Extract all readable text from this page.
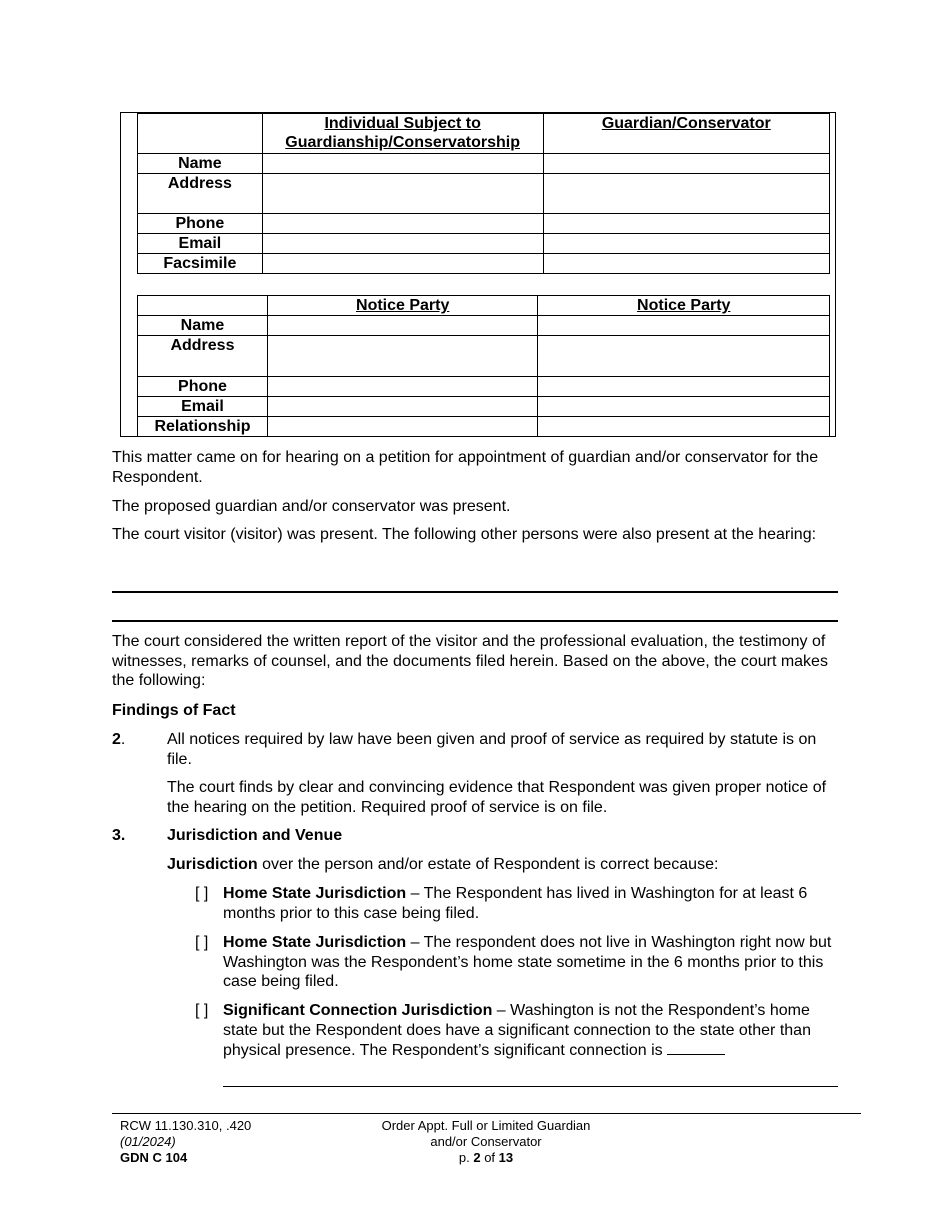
	Individual Subject to Guardianship/Conservatorship	Guardian/Conservator
Name		
Address		
Phone		
Email		
Facsimile		
	Notice Party	Notice Party
Name		
Address		
Phone		
Email		
Relationship		
This matter came on for hearing on a petition for appointment of guardian and/or conservator for the Respondent.
The proposed guardian and/or conservator was present.
The court visitor (visitor) was present. The following other persons were also present at the hearing:
The court considered the written report of the visitor and the professional evaluation, the testimony of witnesses, remarks of counsel, and the documents filed herein. Based on the above, the court makes the following:
Findings of Fact
2.	All notices required by law have been given and proof of service as required by statute is on file.
The court finds by clear and convincing evidence that Respondent was given proper notice of the hearing on the petition. Required proof of service is on file.
3.	Jurisdiction and Venue
Jurisdiction over the person and/or estate of Respondent is correct because:
[ ] Home State Jurisdiction – The Respondent has lived in Washington for at least 6 months prior to this case being filed.
[ ] Home State Jurisdiction – The respondent does not live in Washington right now but Washington was the Respondent’s home state sometime in the 6 months prior to this case being filed.
[ ] Significant Connection Jurisdiction – Washington is not the Respondent’s home state but the Respondent does have a significant connection to the state other than physical presence. The Respondent’s significant connection is
RCW 11.130.310, .420
(01/2024)
GDN C 104
Order Appt. Full or Limited Guardian
and/or Conservator
p. 2 of 13
